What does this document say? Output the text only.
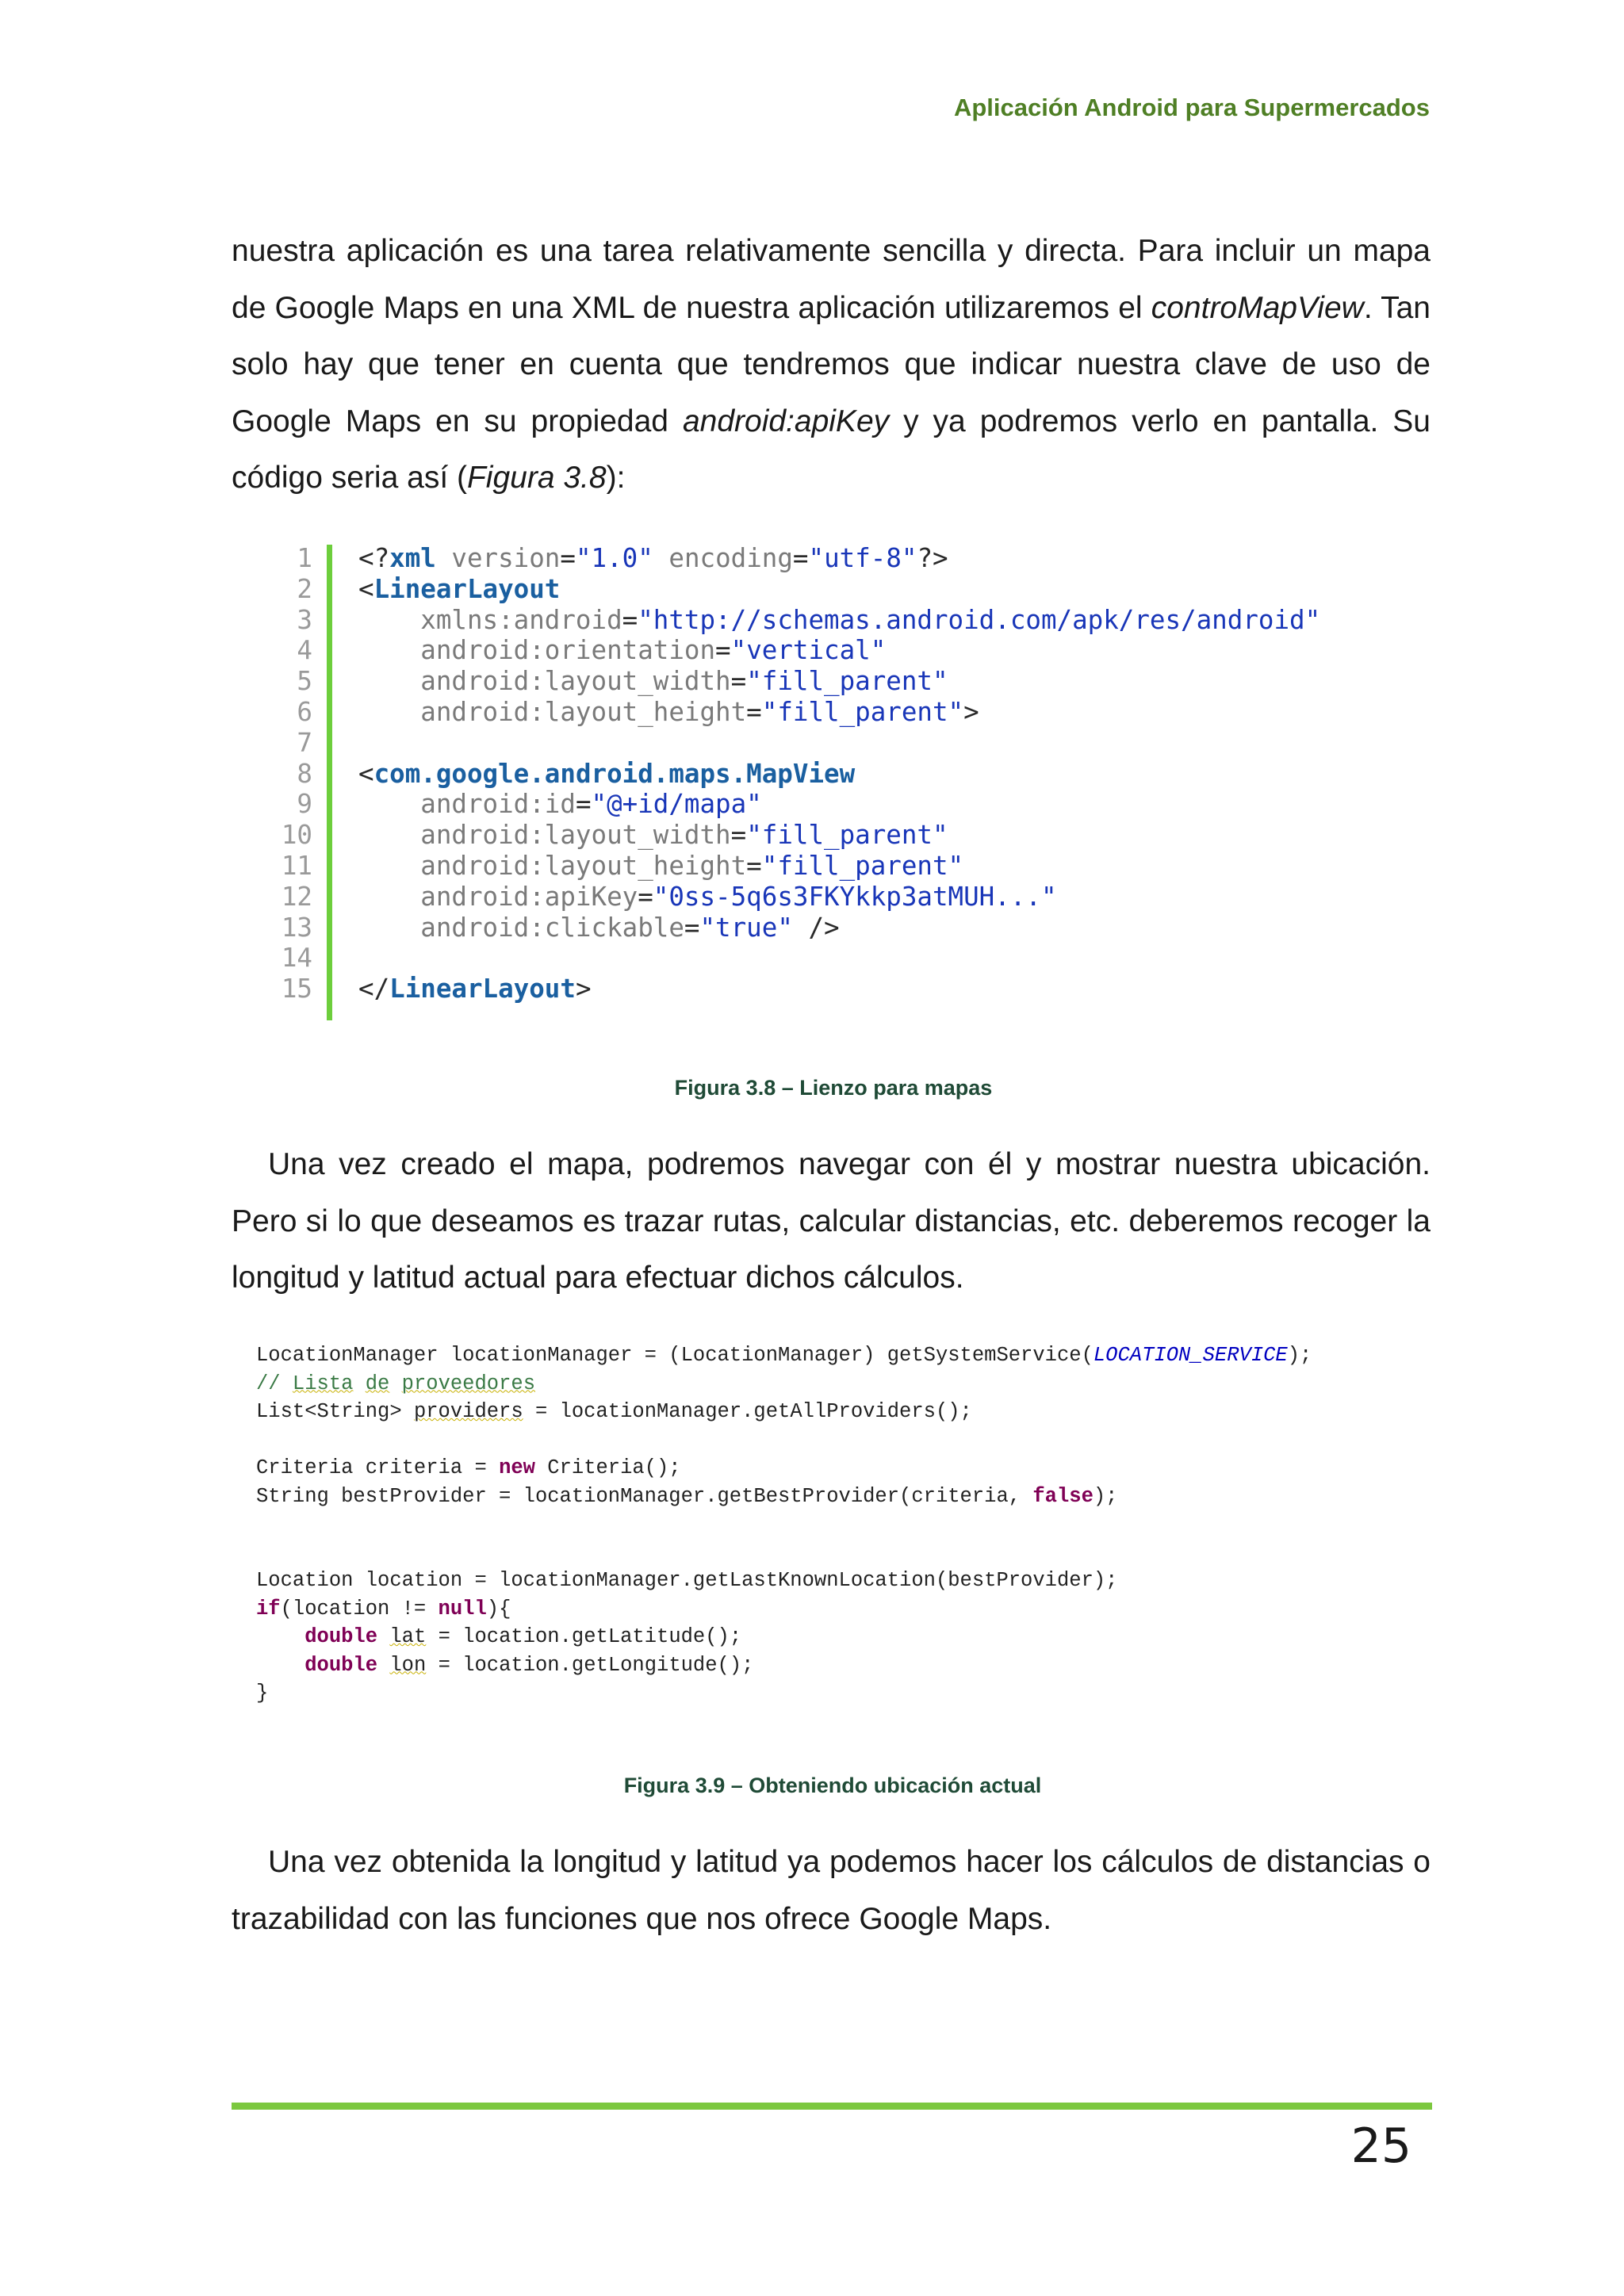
Aplicación Android para Supermercados

nuestra aplicación es una tarea relativamente sencilla y directa. Para incluir un mapa de Google Maps en una XML de nuestra aplicación utilizaremos el controMapView. Tan solo hay que tener en cuenta que tendremos que indicar nuestra clave de uso de Google Maps en su propiedad android:apiKey y ya podremos verlo en pantalla. Su código seria así (Figura 3.8):

1
2
3
4
5
6
7
8
9
10
11
12
13
14
15
<?xml version="1.0" encoding="utf-8"?>
<LinearLayout
xmlns:android="http://schemas.android.com/apk/res/android"
android:orientation="vertical"
android:layout_width="fill_parent"
android:layout_height="fill_parent">
<com.google.android.maps.MapView
android:id="@+id/mapa"
android:layout_width="fill_parent"
android:layout_height="fill_parent"
android:apiKey="0ss-5q6s3FKYkkp3atMUH..."
android:clickable="true" />
</LinearLayout>
Figura 3.8 – Lienzo para mapas

Una vez creado el mapa, podremos navegar con él y mostrar nuestra ubicación. Pero si lo que deseamos es trazar rutas, calcular distancias, etc. deberemos recoger la longitud y latitud actual para efectuar dichos cálculos.

LocationManager locationManager = (LocationManager) getSystemService(LOCATION_SERVICE);
// Lista de proveedores
List<String> providers = locationManager.getAllProviders();
Criteria criteria = new Criteria();
String bestProvider = locationManager.getBestProvider(criteria, false);
Location location = locationManager.getLastKnownLocation(bestProvider);
if(location != null){
double lat = location.getLatitude();
double lon = location.getLongitude();
}
Figura 3.9 – Obteniendo ubicación actual

Una vez obtenida la longitud y latitud ya podemos hacer los cálculos de distancias o trazabilidad con las funciones que nos ofrece Google Maps.

25
